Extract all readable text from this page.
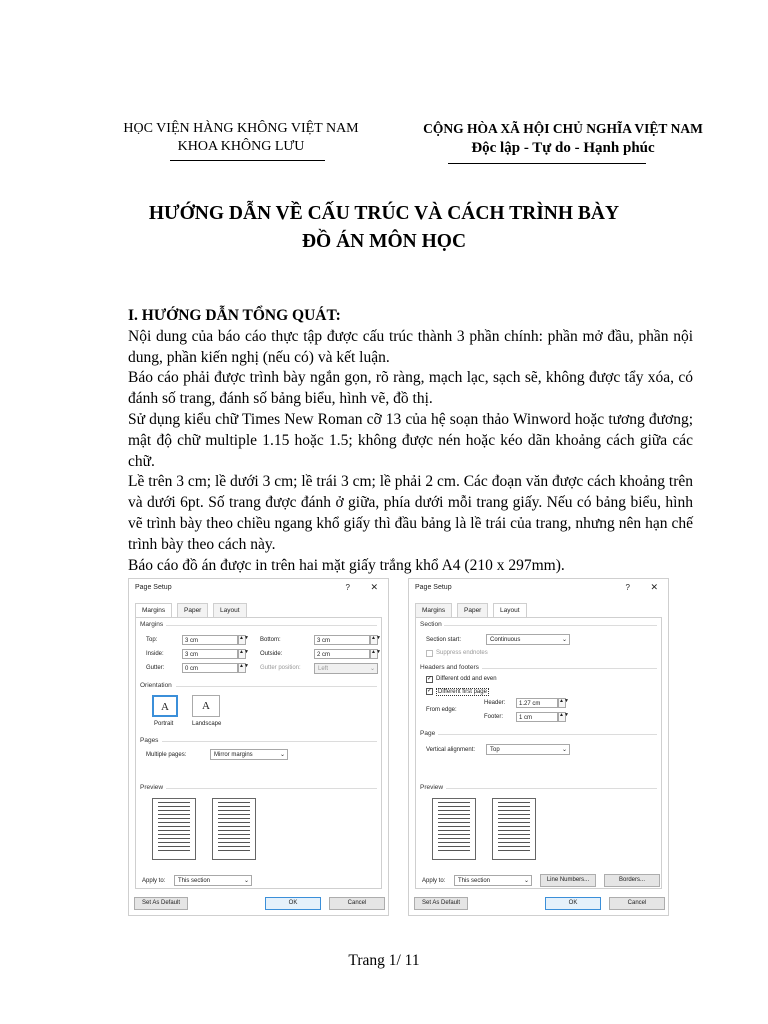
HỌC VIỆN HÀNG KHÔNG VIỆT NAM
KHOA KHÔNG LƯU
CỘNG HÒA XÃ HỘI CHỦ NGHĨA VIỆT NAM
Độc lập - Tự do - Hạnh phúc
HƯỚNG DẪN VỀ CẤU TRÚC VÀ CÁCH TRÌNH BÀY
ĐỒ ÁN MÔN HỌC

I. HƯỚNG DẪN TỔNG QUÁT:

Nội dung của báo cáo thực tập được cấu trúc thành 3 phần chính: phần mở đầu, phần nội dung, phần kiến nghị (nếu có) và kết luận.

Báo cáo phải được trình bày ngắn gọn, rõ ràng, mạch lạc, sạch sẽ, không được tẩy xóa, có đánh số trang, đánh số bảng biểu, hình vẽ, đồ thị.

Sử dụng kiểu chữ Times New Roman cỡ 13 của hệ soạn thảo Winword hoặc tương đương; mật độ chữ multiple 1.15 hoặc 1.5; không được nén hoặc kéo dãn khoảng cách giữa các chữ.

Lề trên 3 cm; lề dưới 3 cm; lề trái 3 cm; lề phải 2 cm. Các đoạn văn được cách khoảng trên và dưới 6pt. Số trang được đánh ở giữa, phía dưới mỗi trang giấy. Nếu có bảng biểu, hình vẽ trình bày theo chiều ngang khổ giấy thì đầu bảng là lề trái của trang, nhưng nên hạn chế trình bày theo cách này.

Báo cáo đồ án được in trên hai mặt giấy trắng khổ A4 (210 x 297mm).

Page Setup	? ✕
Margins	Paper	Layout
Margins
Top:	3 cm	▲▼ Bottom:	3 cm	▲▼
Inside:	3 cm	▲▼ Outside:	2 cm	▲▼
Gutter:	0 cm	▲▼ Gutter position:	Left	⌄
Orientation
A	A
Portrait	Landscape
Pages
Multiple pages:	Mirror margins	⌄
Preview
Apply to:	This section	⌄
Set As Default	OK	Cancel
Page Setup	? ✕
Margins	Paper	Layout
Section
Section start:	Continuous	⌄
Suppress endnotes
Headers and footers
✓ Different odd and even
✓ Different first page
Header:	1.27 cm	▲▼
From edge:
Footer:	1 cm	▲▼
Page
Vertical alignment:	Top	⌄
Preview
Apply to:	This section	⌄	Line Numbers...	Borders...
Set As Default	OK	Cancel
Trang 1/ 11
